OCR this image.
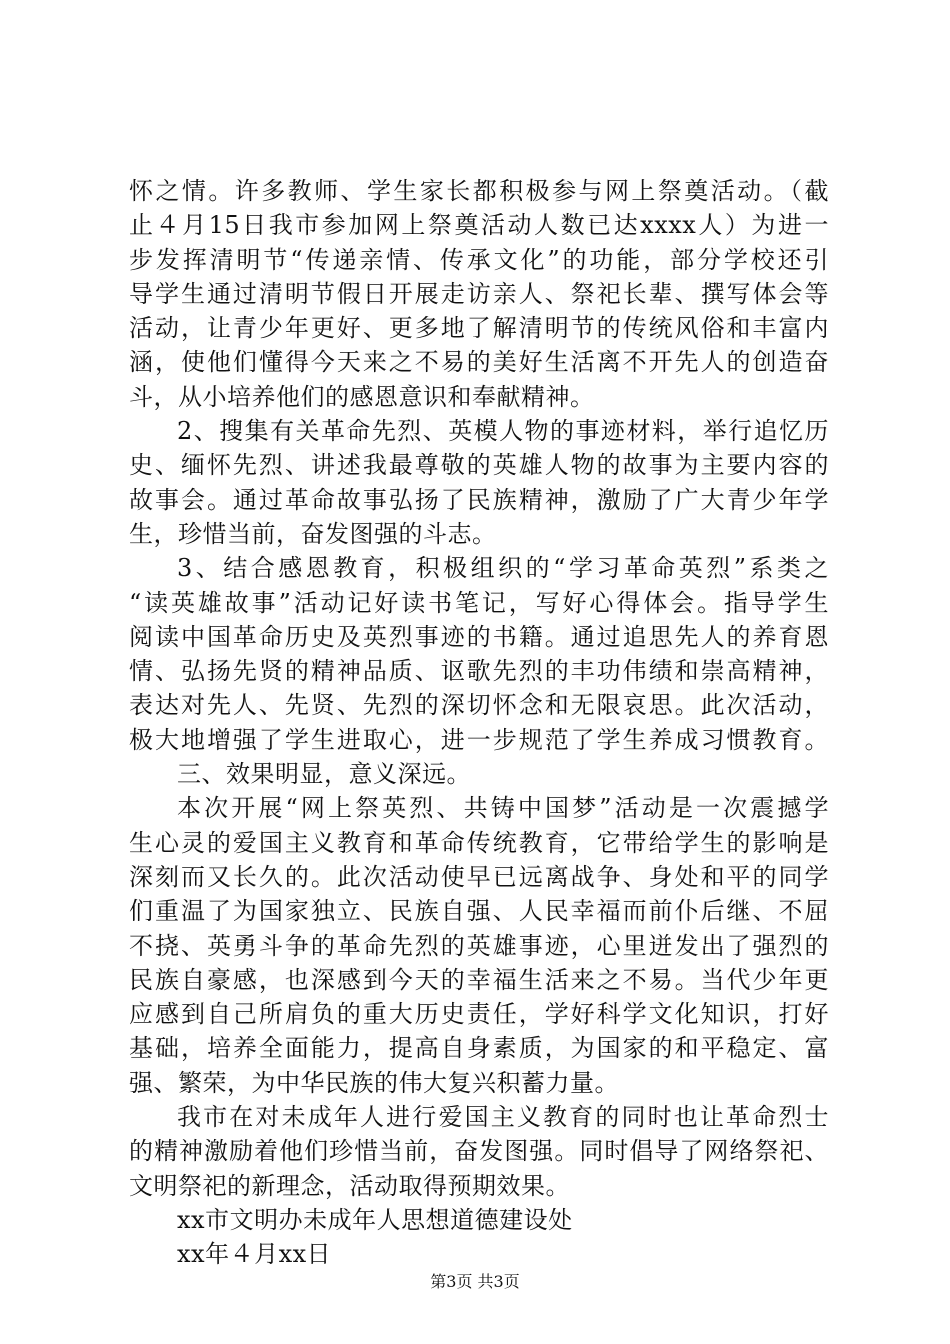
怀之情。许多教师、学生家长都积极参与网上祭奠活动。（截
止４月15日我市参加网上祭奠活动人数已达xxxx人）为进一
步发挥清明节“传递亲情、传承文化”的功能，部分学校还引
导学生通过清明节假日开展走访亲人、祭祀长辈、撰写体会等
活动，让青少年更好、更多地了解清明节的传统风俗和丰富内
涵，使他们懂得今天来之不易的美好生活离不开先人的创造奋
斗，从小培养他们的感恩意识和奉献精神。
2、搜集有关革命先烈、英模人物的事迹材料，举行追忆历
史、缅怀先烈、讲述我最尊敬的英雄人物的故事为主要内容的
故事会。通过革命故事弘扬了民族精神，激励了广大青少年学
生，珍惜当前，奋发图强的斗志。
3、结合感恩教育，积极组织的“学习革命英烈”系类之
“读英雄故事”活动记好读书笔记，写好心得体会。指导学生
阅读中国革命历史及英烈事迹的书籍。通过追思先人的养育恩
情、弘扬先贤的精神品质、讴歌先烈的丰功伟绩和崇高精神，
表达对先人、先贤、先烈的深切怀念和无限哀思。此次活动，
极大地增强了学生进取心，进一步规范了学生养成习惯教育。
三、效果明显，意义深远。
本次开展“网上祭英烈、共铸中国梦”活动是一次震撼学
生心灵的爱国主义教育和革命传统教育，它带给学生的影响是
深刻而又长久的。此次活动使早已远离战争、身处和平的同学
们重温了为国家独立、民族自强、人民幸福而前仆后继、不屈
不挠、英勇斗争的革命先烈的英雄事迹，心里迸发出了强烈的
民族自豪感，也深感到今天的幸福生活来之不易。当代少年更
应感到自己所肩负的重大历史责任，学好科学文化知识，打好
基础，培养全面能力，提高自身素质，为国家的和平稳定、富
强、繁荣，为中华民族的伟大复兴积蓄力量。
我市在对未成年人进行爱国主义教育的同时也让革命烈士
的精神激励着他们珍惜当前，奋发图强。同时倡导了网络祭祀、
文明祭祀的新理念，活动取得预期效果。
xx市文明办未成年人思想道德建设处
xx年４月xx日
第3页 共3页
